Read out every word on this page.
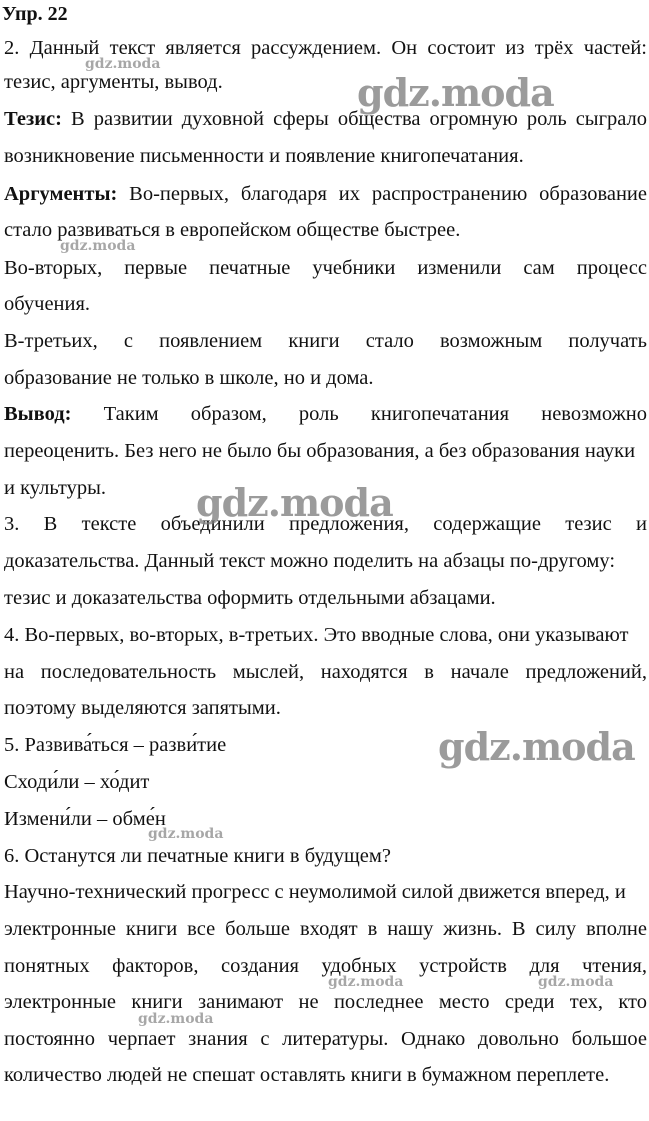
Упр. 22
2. Данный текст является рассуждением. Он состоит из трёх частей:
тезис, аргументы, вывод.
Тезис: В развитии духовной сферы общества огромную роль сыграло
возникновение письменности и появление книгопечатания.
Аргументы: Во-первых, благодаря их распространению образование
стало развиваться в европейском обществе быстрее.
Во-вторых, первые печатные учебники изменили сам процесс
обучения.
В-третьих, с появлением книги стало возможным получать
образование не только в школе, но и дома.
Вывод: Таким образом, роль книгопечатания невозможно
переоценить. Без него не было бы образования, а без образования науки
и культуры.
3. В тексте объединили предложения, содержащие тезис и
доказательства. Данный текст можно поделить на абзацы по-другому:
тезис и доказательства оформить отдельными абзацами.
4. Во-первых, во-вторых, в-третьих. Это вводные слова, они указывают
на последовательность мыслей, находятся в начале предложений,
поэтому выделяются запятыми.
5. Развива́ться – разви́тие
Сходи́ли – хо́дит
Измени́ли – обме́н
6. Останутся ли печатные книги в будущем?
Научно-технический прогресс с неумолимой силой движется вперед, и
электронные книги все больше входят в нашу жизнь. В силу вполне
понятных факторов, создания удобных устройств для чтения,
электронные книги занимают не последнее место среди тех, кто
постоянно черпает знания с литературы. Однако довольно большое
количество людей не спешат оставлять книги в бумажном переплете.
gdz.moda
gdz.moda
gdz.moda
gdz.moda
gdz.moda
gdz.moda
gdz.moda	gdz.moda
gdz.moda
